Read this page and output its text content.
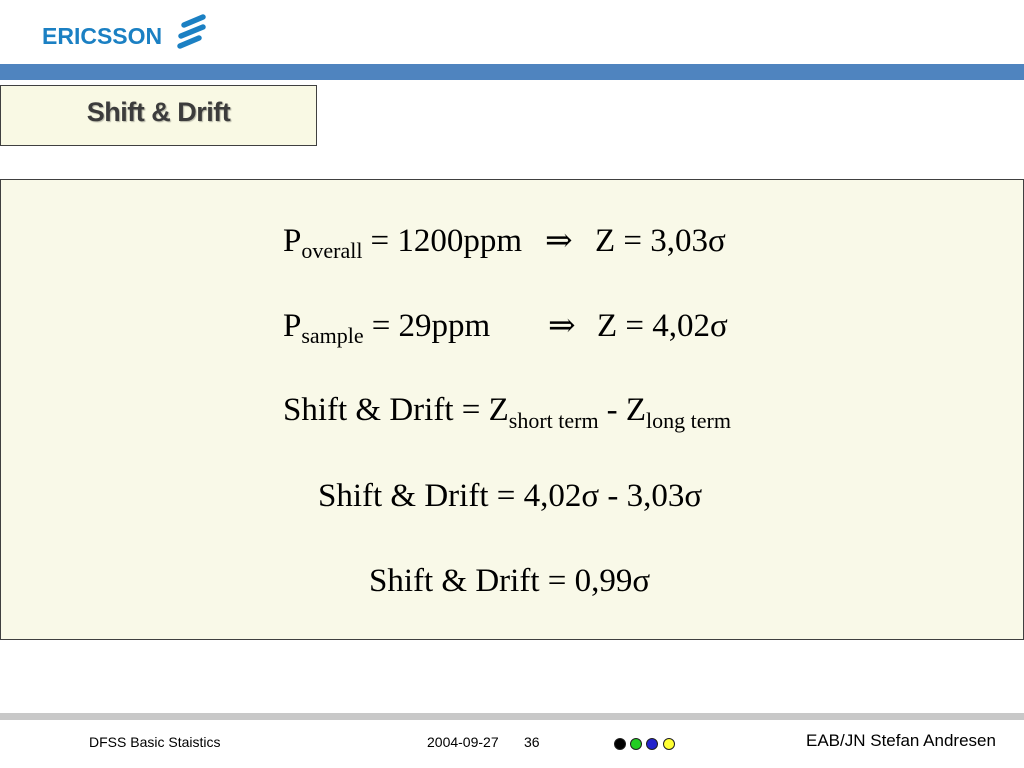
ERICSSON
Shift & Drift
$P_{overall} = 1200ppm$ ⇒ Z = 3,03σ
$P_{sample} = 29ppm$ ⇒ Z = 4,02σ
Shift & Drift = $Z_{short term} - Z_{long term}$
Shift & Drift = 4,02σ - 3,03σ
Shift & Drift = 0,99σ
DFSS Basic Staistics	2004-09-27 36	EAB/JN Stefan Andresen
